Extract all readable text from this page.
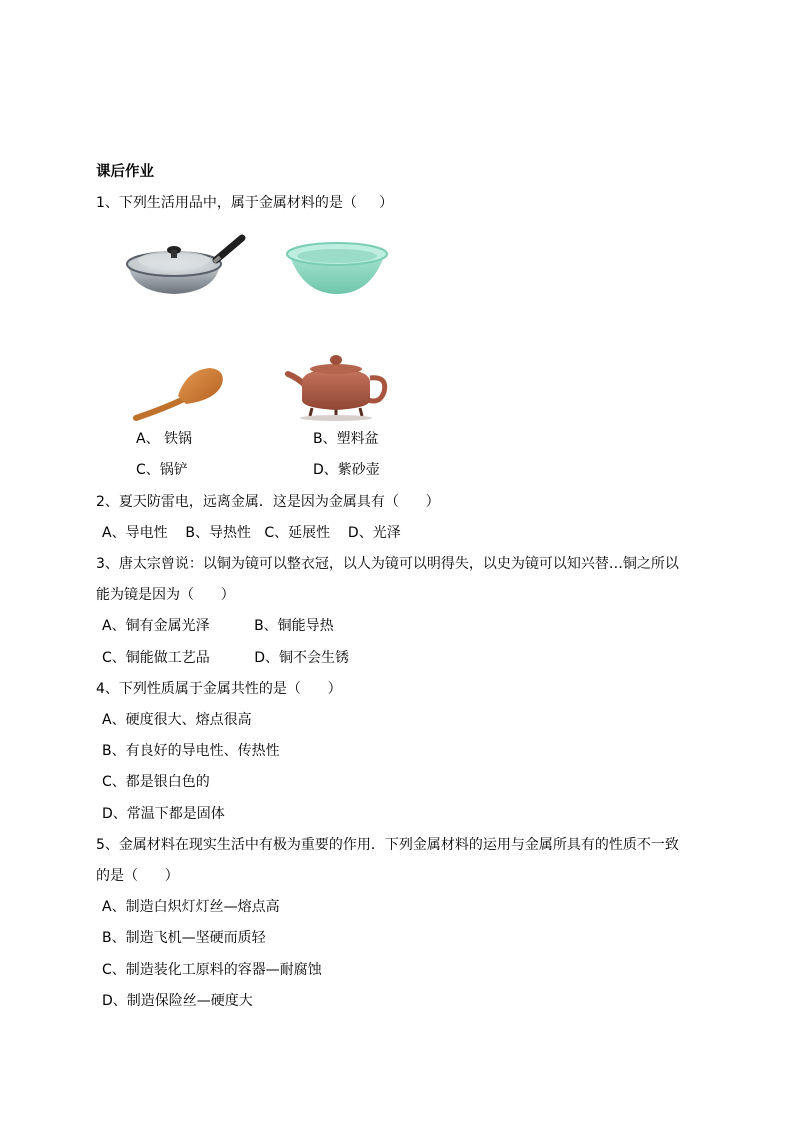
课后作业
1、下列生活用品中，属于金属材料的是（     ）
A、 铁锅	B、塑料盆
C、锅铲	D、紫砂壶
2、夏天防雷电，远离金属．这是因为金属具有（      ）
A、导电性    B、导热性   C、延展性    D、光泽
3、唐太宗曾说：以铜为镜可以整衣冠，以人为镜可以明得失，以史为镜可以知兴替…铜之所以
能为镜是因为（      ）
A、铜有金属光泽          B、铜能导热
C、铜能做工艺品          D、铜不会生锈
4、下列性质属于金属共性的是（      ）
A、硬度很大、熔点很高
B、有良好的导电性、传热性
C、都是银白色的
D、常温下都是固体
5、金属材料在现实生活中有极为重要的作用．下列金属材料的运用与金属所具有的性质不一致
的是（      ）
A、制造白炽灯灯丝—熔点高
B、制造飞机—坚硬而质轻
C、制造装化工原料的容器—耐腐蚀
D、制造保险丝—硬度大
